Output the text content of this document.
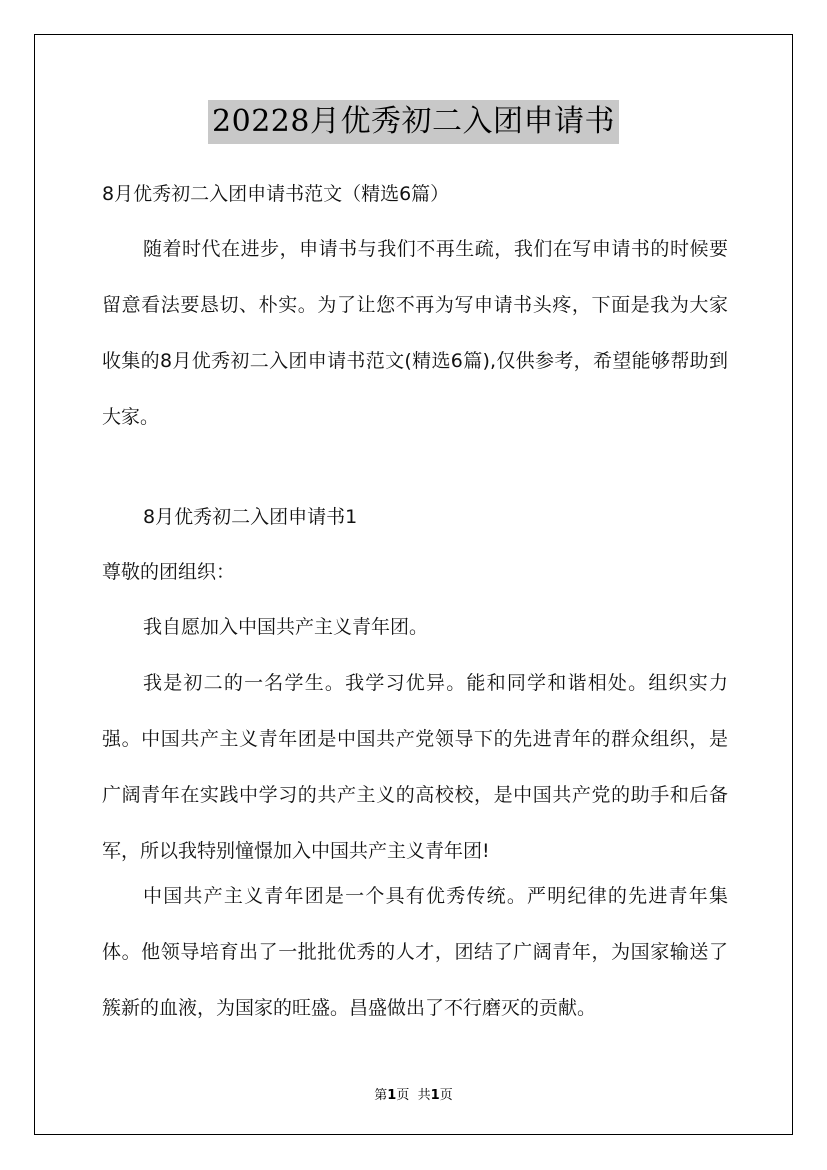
20228月优秀初二入团申请书
8月优秀初二入团申请书范文（精选6篇）

随着时代在进步，申请书与我们不再生疏，我们在写申请书的时候要留意看法要恳切、朴实。为了让您不再为写申请书头疼，下面是我为大家收集的8月优秀初二入团申请书范文(精选6篇),仅供参考，希望能够帮助到大家。

8月优秀初二入团申请书1
尊敬的团组织：

我自愿加入中国共产主义青年团。

我是初二的一名学生。我学习优异。能和同学和谐相处。组织实力强。中国共产主义青年团是中国共产党领导下的先进青年的群众组织，是广阔青年在实践中学习的共产主义的高校校，是中国共产党的助手和后备军，所以我特别憧憬加入中国共产主义青年团!

中国共产主义青年团是一个具有优秀传统。严明纪律的先进青年集体。他领导培育出了一批批优秀的人才，团结了广阔青年，为国家输送了簇新的血液，为国家的旺盛。昌盛做出了不行磨灭的贡献。

第1页 共1页
